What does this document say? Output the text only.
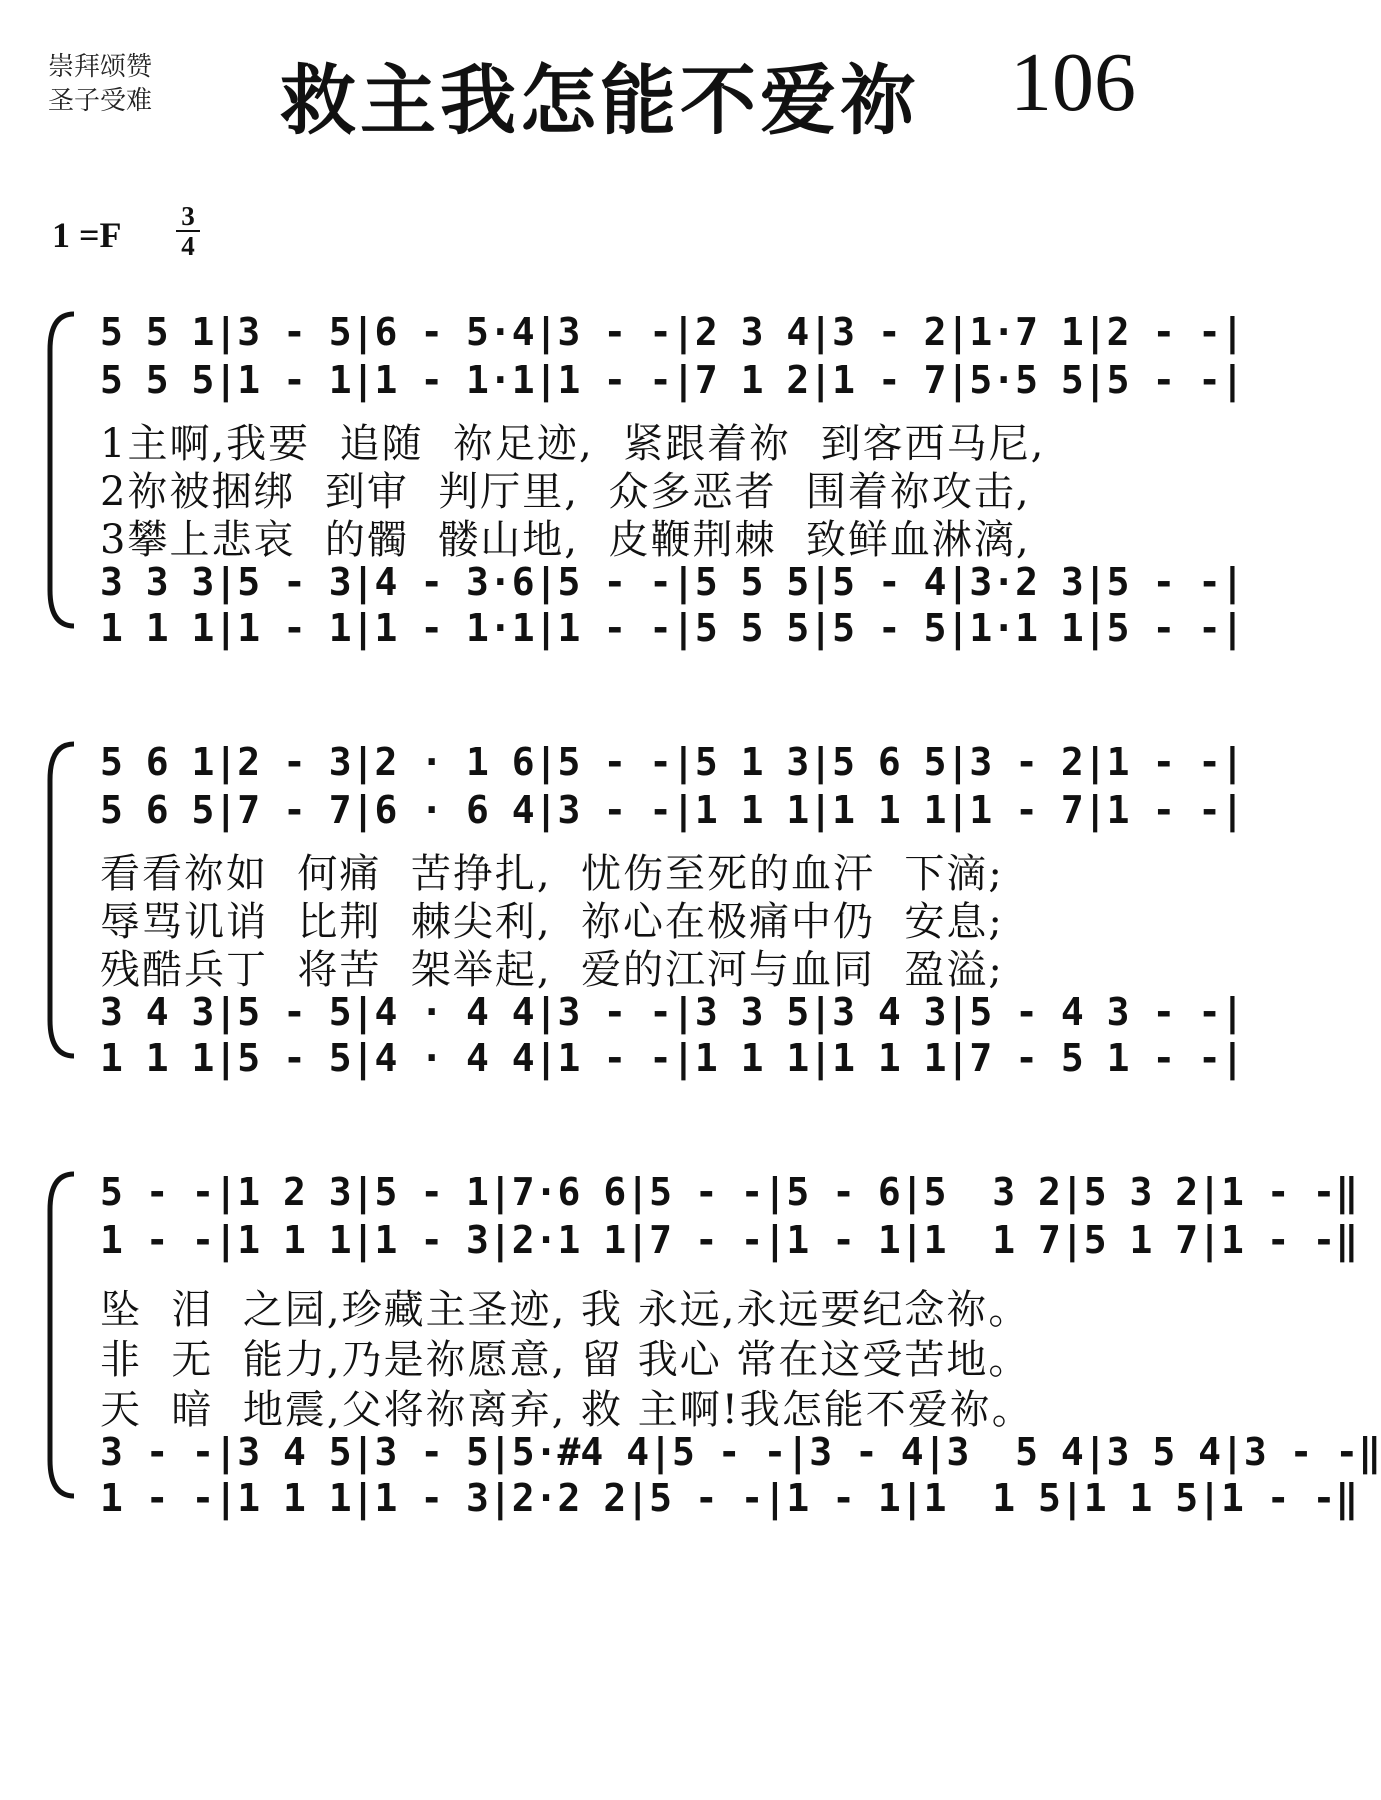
崇拜颂赞
圣子受难	救主我怎能不爱祢 106
1 =F 3
4
5 5 1|3 - 5|6 - 5·4|3 - -|2 3 4|3 - 2|1·7 1|2 - -|
5 5 5|1 - 1|1 - 1·1|1 - -|7 1 2|1 - 7|5·5 5|5 - -|
1主啊,我要  追随  祢足迹,  紧跟着祢  到客西马尼,
2祢被捆绑  到审  判厅里,  众多恶者  围着祢攻击,
3攀上悲哀  的髑  髅山地,  皮鞭荆棘  致鲜血淋漓,
3 3 3|5 - 3|4 - 3·6|5 - -|5 5 5|5 - 4|3·2 3|5 - -|
1 1 1|1 - 1|1 - 1·1|1 - -|5 5 5|5 - 5|1·1 1|5 - -|
5 6 1|2 - 3|2 · 1 6|5 - -|5 1 3|5 6 5|3 - 2|1 - -|
5 6 5|7 - 7|6 · 6 4|3 - -|1 1 1|1 1 1|1 - 7|1 - -|
看看祢如  何痛  苦挣扎,  忧伤至死的血汗  下滴;
辱骂讥诮  比荆  棘尖利,  祢心在极痛中仍  安息;
残酷兵丁  将苦  架举起,  爱的江河与血同  盈溢;
3 4 3|5 - 5|4 · 4 4|3 - -|3 3 5|3 4 3|5 - 4 3 - -|
1 1 1|5 - 5|4 · 4 4|1 - -|1 1 1|1 1 1|7 - 5 1 - -|
5 - -|1 2 3|5 - 1|7·6 6|5 - -|5 - 6|5  3 2|5 3 2|1 - -‖
1 - -|1 1 1|1 - 3|2·1 1|7 - -|1 - 1|1  1 7|5 1 7|1 - -‖
坠  泪  之园,珍藏主圣迹, 我 永远,永远要纪念祢。
非  无  能力,乃是祢愿意, 留 我心 常在这受苦地。
天  暗  地震,父将祢离弃, 救 主啊!我怎能不爱祢。
3 - -|3 4 5|3 - 5|5·#4 4|5 - -|3 - 4|3  5 4|3 5 4|3 - -‖
1 - -|1 1 1|1 - 3|2·2 2|5 - -|1 - 1|1  1 5|1 1 5|1 - -‖
